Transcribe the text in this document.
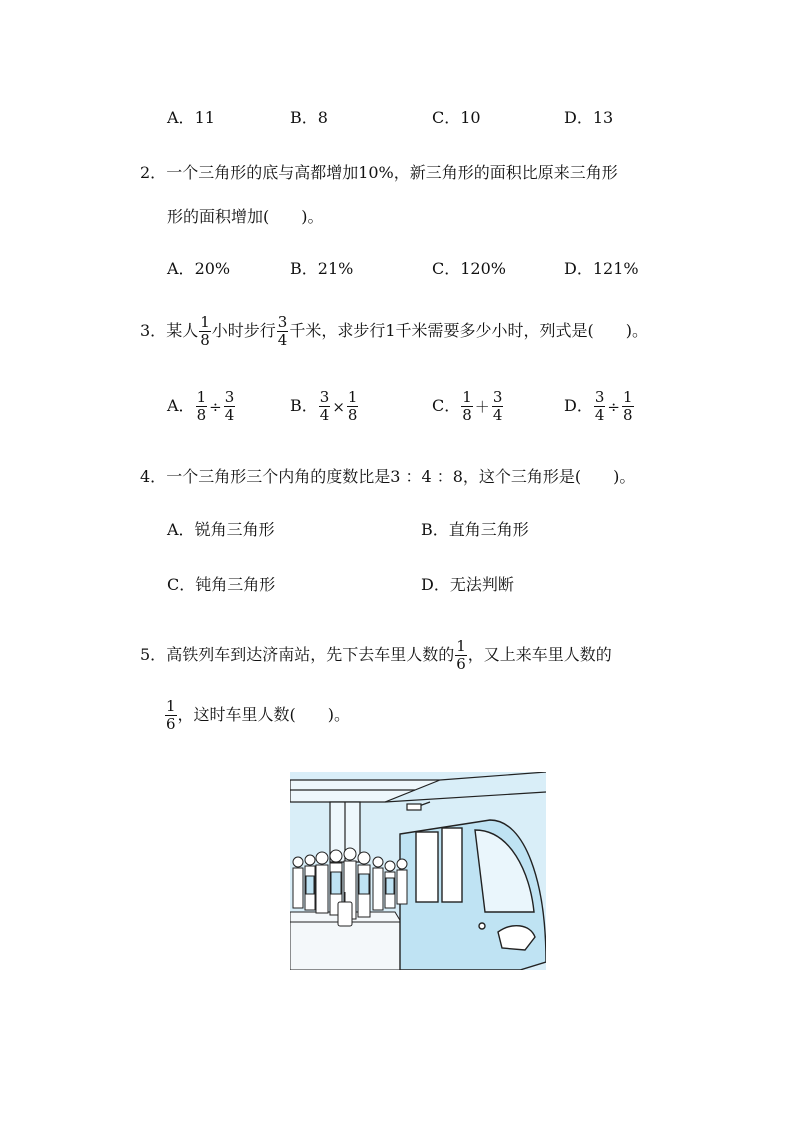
A．11	B．8	C．10	D．13
2．一个三角形的底与高都增加10%，新三角形的面积比原来三角形
形的面积增加(　　)。
A．20%	B．21%	C．120%	D．121%
3．某人 $\frac{1}{8}$ 小时步行 $\frac{3}{4}$ 千米，求步行1千米需要多少小时，列式是(　　)。
A． $\frac{1}{8} \div \frac{3}{4}$	B． $\frac{3}{4} \times \frac{1}{8}$	C． $\frac{1}{8} + \frac{3}{4}$	D． $\frac{3}{4} \div \frac{1}{8}$
4．一个三角形三个内角的度数比是3 ：4 ：8，这个三角形是(　　)。
A．锐角三角形	B．直角三角形
C．钝角三角形	D．无法判断
5．高铁列车到达济南站，先下去车里人数的 $\frac{1}{6}$ ，又上来车里人数的
$\frac{1}{6}$ ，这时车里人数(　　)。
